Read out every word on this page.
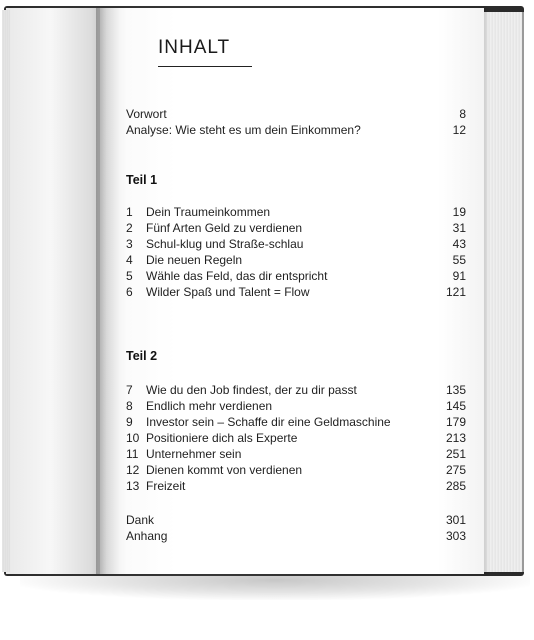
INHALT
Vorwort	8
Analyse: Wie steht es um dein Einkommen?	12
Teil 1
1 Dein Traumeinkommen	19
2 Fünf Arten Geld zu verdienen	31
3 Schul-klug und Straße-schlau	43
4 Die neuen Regeln	55
5 Wähle das Feld, das dir entspricht	91
6 Wilder Spaß und Talent = Flow	121
Teil 2
7 Wie du den Job findest, der zu dir passt	135
8 Endlich mehr verdienen	145
9 Investor sein – Schaffe dir eine Geldmaschine	179
10 Positioniere dich als Experte	213
11 Unternehmer sein	251
12 Dienen kommt von verdienen	275
13 Freizeit	285
Dank	301
Anhang	303
